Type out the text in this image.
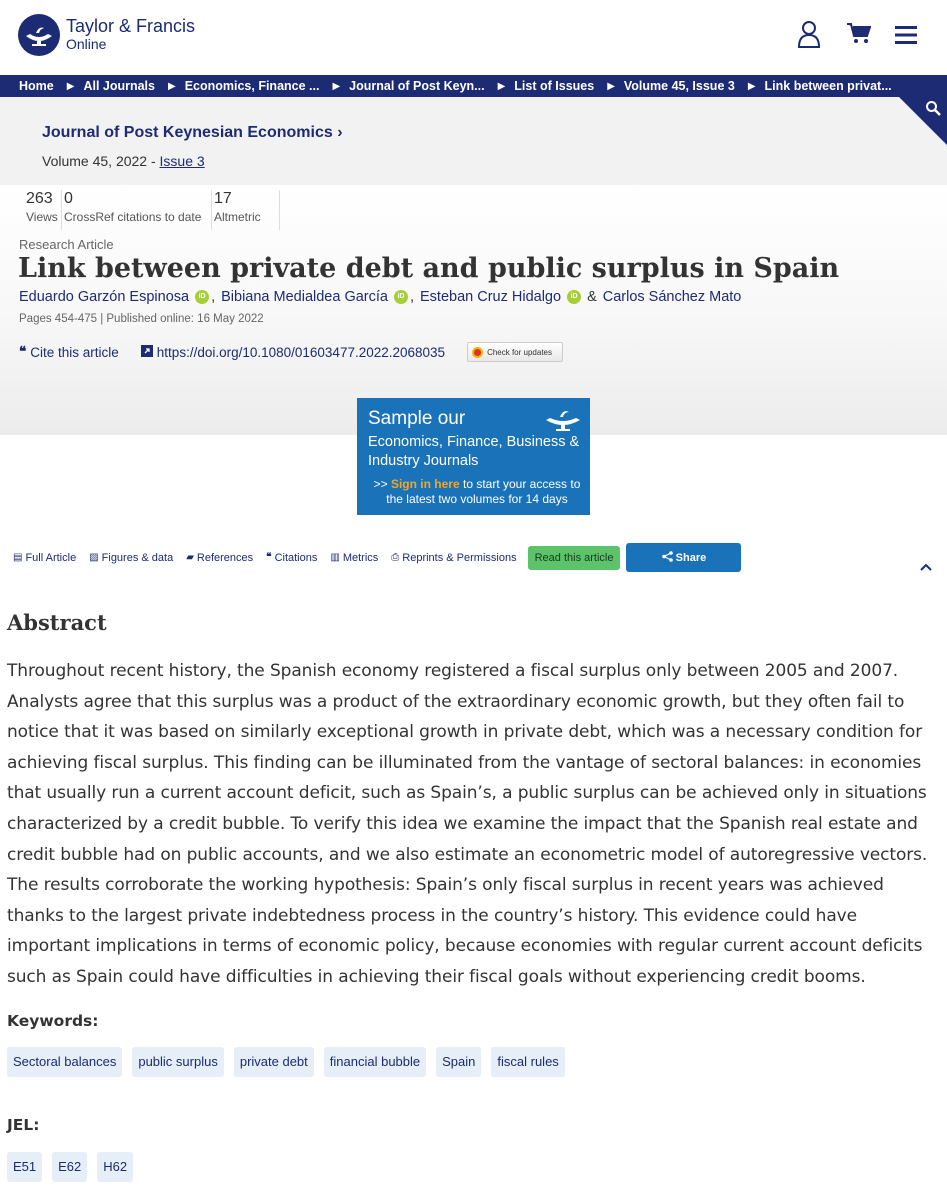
Taylor & Francis
Online
Home ▶ All Journals ▶ Economics, Finance ... ▶ Journal of Post Keyn... ▶ List of Issues ▶ Volume 45, Issue 3 ▶ Link between privat...
Journal of Post Keynesian Economics ›
Volume 45, 2022 - Issue 3
263
Views
0
CrossRef citations to date
17
Altmetric
Research Article
Link between private debt and public surplus in Spain
Eduardo Garzón Espinosa	iD , Bibiana Medialdea García	iD , Esteban Cruz Hidalgo	iD & Carlos Sánchez Mato
Pages 454-475 | Published online: 16 May 2022
❝ Cite this article	https://doi.org/10.1080/01603477.2022.2068035	Check for updates
Sample our
Economics, Finance, Business & Industry Journals
>> Sign in here to start your access to the latest two volumes for 14 days
▤ Full Article ▨ Figures & data ▰ References ❝ Citations ▥ Metrics ⎙ Reprints & Permissions	Read this article	Share
Abstract
Throughout recent history, the Spanish economy registered a fiscal surplus only between 2005 and 2007. Analysts agree that this surplus was a product of the extraordinary economic growth, but they often fail to notice that it was based on similarly exceptional growth in private debt, which was a necessary condition for achieving fiscal surplus. This finding can be illuminated from the vantage of sectoral balances: in economies that usually run a current account deficit, such as Spain’s, a public surplus can be achieved only in situations characterized by a credit bubble. To verify this idea we examine the impact that the Spanish real estate and credit bubble had on public accounts, and we also estimate an econometric model of autoregressive vectors. The results corroborate the working hypothesis: Spain’s only fiscal surplus in recent years was achieved thanks to the largest private indebtedness process in the country’s history. This evidence could have important implications in terms of economic policy, because economies with regular current account deficits such as Spain could have difficulties in achieving their fiscal goals without experiencing credit booms.
Keywords:
Sectoral balances	public surplus	private debt	financial bubble	Spain	fiscal rules
JEL:
E51	E62	H62
